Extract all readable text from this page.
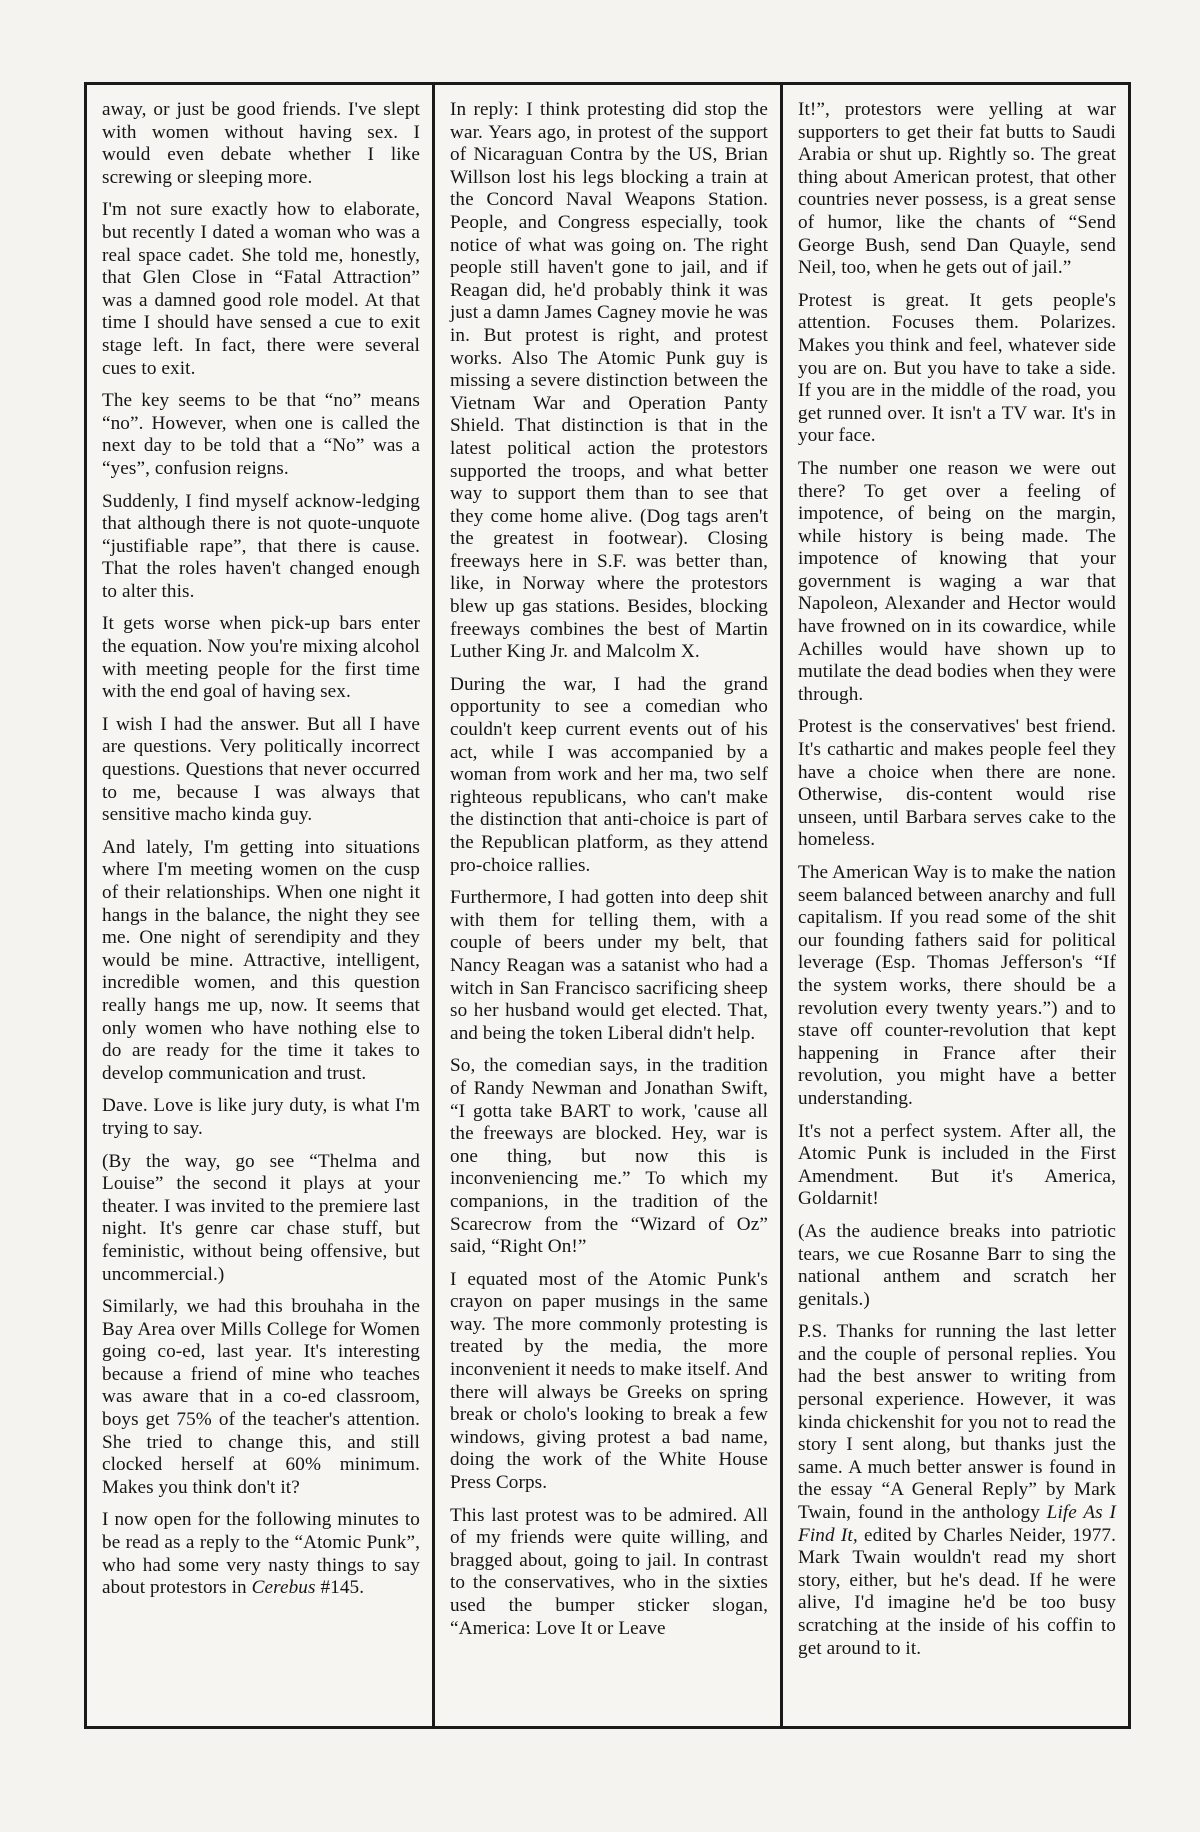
away, or just be good friends. I've slept with women without having sex. I would even debate whether I like screwing or sleeping more.

I'm not sure exactly how to elaborate, but recently I dated a woman who was a real space cadet. She told me, honestly, that Glen Close in “Fatal Attraction” was a damned good role model. At that time I should have sensed a cue to exit stage left. In fact, there were several cues to exit.

The key seems to be that “no” means “no”. However, when one is called the next day to be told that a “No” was a “yes”, confusion reigns.

Suddenly, I find myself acknow-ledging that although there is not quote-unquote “justifiable rape”, that there is cause. That the roles haven't changed enough to alter this.

It gets worse when pick-up bars enter the equation. Now you're mixing alcohol with meeting people for the first time with the end goal of having sex.

I wish I had the answer. But all I have are questions. Very politically incorrect questions. Questions that never occurred to me, because I was always that sensitive macho kinda guy.

And lately, I'm getting into situations where I'm meeting women on the cusp of their relationships. When one night it hangs in the balance, the night they see me. One night of serendipity and they would be mine. Attractive, intelligent, incredible women, and this question really hangs me up, now. It seems that only women who have nothing else to do are ready for the time it takes to develop communication and trust.

Dave. Love is like jury duty, is what I'm trying to say.

(By the way, go see “Thelma and Louise” the second it plays at your theater. I was invited to the premiere last night. It's genre car chase stuff, but feministic, without being offensive, but uncommercial.)

Similarly, we had this brouhaha in the Bay Area over Mills College for Women going co-ed, last year. It's interesting because a friend of mine who teaches was aware that in a co-ed classroom, boys get 75% of the teacher's attention. She tried to change this, and still clocked herself at 60% minimum. Makes you think don't it?

I now open for the following minutes to be read as a reply to the “Atomic Punk”, who had some very nasty things to say about protestors in Cerebus #145.

In reply: I think protesting did stop the war. Years ago, in protest of the support of Nicaraguan Contra by the US, Brian Willson lost his legs blocking a train at the Concord Naval Weapons Station. People, and Congress especially, took notice of what was going on. The right people still haven't gone to jail, and if Reagan did, he'd probably think it was just a damn James Cagney movie he was in. But protest is right, and protest works. Also The Atomic Punk guy is missing a severe distinction between the Vietnam War and Operation Panty Shield. That distinction is that in the latest political action the protestors supported the troops, and what better way to support them than to see that they come home alive. (Dog tags aren't the greatest in footwear). Closing freeways here in S.F. was better than, like, in Norway where the protestors blew up gas stations. Besides, blocking freeways combines the best of Martin Luther King Jr. and Malcolm X.

During the war, I had the grand opportunity to see a comedian who couldn't keep current events out of his act, while I was accompanied by a woman from work and her ma, two self righteous republicans, who can't make the distinction that anti-choice is part of the Republican platform, as they attend pro-choice rallies.

Furthermore, I had gotten into deep shit with them for telling them, with a couple of beers under my belt, that Nancy Reagan was a satanist who had a witch in San Francisco sacrificing sheep so her husband would get elected. That, and being the token Liberal didn't help.

So, the comedian says, in the tradition of Randy Newman and Jonathan Swift, “I gotta take BART to work, 'cause all the freeways are blocked. Hey, war is one thing, but now this is inconveniencing me.” To which my companions, in the tradition of the Scarecrow from the “Wizard of Oz” said, “Right On!”

I equated most of the Atomic Punk's crayon on paper musings in the same way. The more commonly protesting is treated by the media, the more inconvenient it needs to make itself. And there will always be Greeks on spring break or cholo's looking to break a few windows, giving protest a bad name, doing the work of the White House Press Corps.

This last protest was to be admired. All of my friends were quite willing, and bragged about, going to jail. In contrast to the conservatives, who in the sixties used the bumper sticker slogan, “America: Love It or Leave

It!”, protestors were yelling at war supporters to get their fat butts to Saudi Arabia or shut up. Rightly so. The great thing about American protest, that other countries never possess, is a great sense of humor, like the chants of “Send George Bush, send Dan Quayle, send Neil, too, when he gets out of jail.”

Protest is great. It gets people's attention. Focuses them. Polarizes. Makes you think and feel, whatever side you are on. But you have to take a side. If you are in the middle of the road, you get runned over. It isn't a TV war. It's in your face.

The number one reason we were out there? To get over a feeling of impotence, of being on the margin, while history is being made. The impotence of knowing that your government is waging a war that Napoleon, Alexander and Hector would have frowned on in its cowardice, while Achilles would have shown up to mutilate the dead bodies when they were through.

Protest is the conservatives' best friend. It's cathartic and makes people feel they have a choice when there are none. Otherwise, dis-content would rise unseen, until Barbara serves cake to the homeless.

The American Way is to make the nation seem balanced between anarchy and full capitalism. If you read some of the shit our founding fathers said for political leverage (Esp. Thomas Jefferson's “If the system works, there should be a revolution every twenty years.”) and to stave off counter-revolution that kept happening in France after their revolution, you might have a better understanding.

It's not a perfect system. After all, the Atomic Punk is included in the First Amendment. But it's America, Goldarnit!

(As the audience breaks into patriotic tears, we cue Rosanne Barr to sing the national anthem and scratch her genitals.)

P.S. Thanks for running the last letter and the couple of personal replies. You had the best answer to writing from personal experience. However, it was kinda chickenshit for you not to read the story I sent along, but thanks just the same. A much better answer is found in the essay “A General Reply” by Mark Twain, found in the anthology Life As I Find It, edited by Charles Neider, 1977. Mark Twain wouldn't read my short story, either, but he's dead. If he were alive, I'd imagine he'd be too busy scratching at the inside of his coffin to get around to it.
